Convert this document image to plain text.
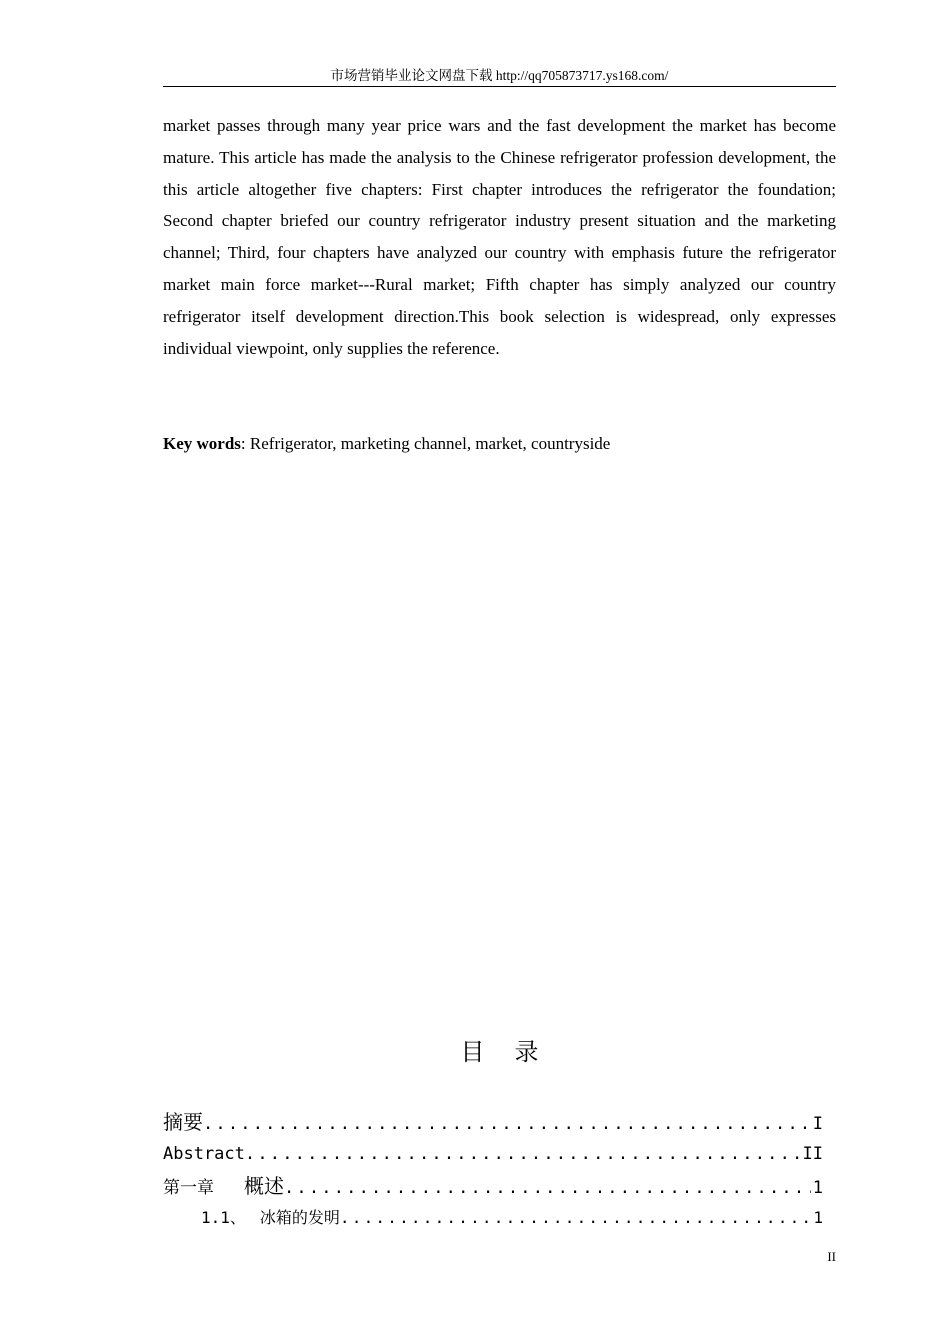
市场营销毕业论文网盘下载 http://qq705873717.ys168.com/

market passes through many year price wars and the fast development the market has become mature. This article has made the analysis to the Chinese refrigerator profession development, the this article altogether five chapters: First chapter introduces the refrigerator the foundation; Second chapter briefed our country refrigerator industry present situation and the marketing channel; Third, four chapters have analyzed our country with emphasis future the refrigerator market main force market---Rural market; Fifth chapter has simply analyzed our country refrigerator itself development direction.This book selection is widespread, only expresses individual viewpoint, only supplies the reference.

Key words: Refrigerator, marketing channel, market, countryside

目录
摘要 .....	I
Abstract .....	II
第一章 概述 .....	1
1.1、 冰箱的发明 .....	1
II
